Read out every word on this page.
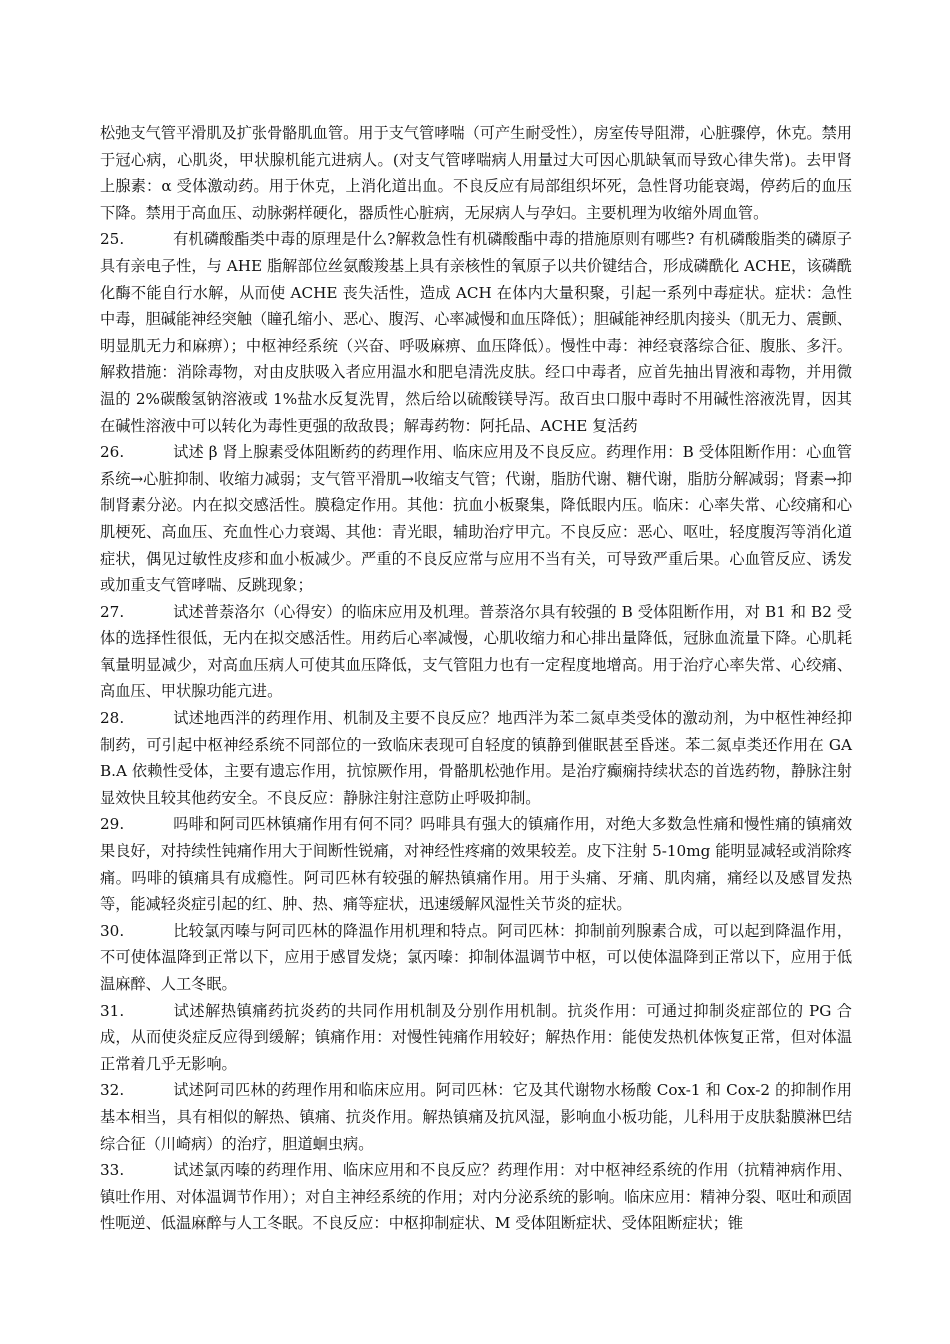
松弛支气管平滑肌及扩张骨骼肌血管。用于支气管哮喘（可产生耐受性），房室传导阻滞，心脏骤停，休克。禁用于冠心病，心肌炎，甲状腺机能亢进病人。(对支气管哮喘病人用量过大可因心肌缺氧而导致心律失常)。去甲肾上腺素：α 受体激动药。用于休克，上消化道出血。不良反应有局部组织坏死，急性肾功能衰竭，停药后的血压下降。禁用于高血压、动脉粥样硬化，器质性心脏病，无尿病人与孕妇。主要机理为收缩外周血管。

25.	有机磷酸酯类中毒的原理是什么?解救急性有机磷酸酯中毒的措施原则有哪些? 有机磷酸脂类的磷原子具有亲电子性，与 AHE 脂解部位丝氨酸羧基上具有亲核性的氧原子以共价键结合，形成磷酰化 ACHE，该磷酰化酶不能自行水解，从而使 ACHE 丧失活性，造成 ACH 在体内大量积聚，引起一系列中毒症状。症状：急性中毒，胆碱能神经突触（瞳孔缩小、恶心、腹泻、心率减慢和血压降低）；胆碱能神经肌肉接头（肌无力、震颤、明显肌无力和麻痹）；中枢神经系统（兴奋、呼吸麻痹、血压降低）。慢性中毒：神经衰落综合征、腹胀、多汗。解救措施：消除毒物，对由皮肤吸入者应用温水和肥皂清洗皮肤。经口中毒者，应首先抽出胃液和毒物，并用微温的 2%碳酸氢钠溶液或 1%盐水反复洗胃，然后给以硫酸镁导泻。敌百虫口服中毒时不用碱性溶液洗胃，因其在碱性溶液中可以转化为毒性更强的敌敌畏；解毒药物：阿托品、ACHE 复活药

26.	试述 β 肾上腺素受体阻断药的药理作用、临床应用及不良反应。药理作用：B 受体阻断作用：心血管系统→心脏抑制、收缩力减弱；支气管平滑肌→收缩支气管；代谢，脂肪代谢、糖代谢，脂肪分解减弱；肾素→抑制肾素分泌。内在拟交感活性。膜稳定作用。其他：抗血小板聚集，降低眼内压。临床：心率失常、心绞痛和心肌梗死、高血压、充血性心力衰竭、其他：青光眼，辅助治疗甲亢。不良反应：恶心、呕吐，轻度腹泻等消化道症状，偶见过敏性皮疹和血小板减少。严重的不良反应常与应用不当有关，可导致严重后果。心血管反应、诱发或加重支气管哮喘、反跳现象；

27.	试述普萘洛尔（心得安）的临床应用及机理。普萘洛尔具有较强的 B 受体阻断作用，对 B1 和 B2 受体的选择性很低，无内在拟交感活性。用药后心率减慢，心肌收缩力和心排出量降低，冠脉血流量下降。心肌耗氧量明显减少，对高血压病人可使其血压降低，支气管阻力也有一定程度地增高。用于治疗心率失常、心绞痛、高血压、甲状腺功能亢进。

28.	试述地西泮的药理作用、机制及主要不良反应？地西泮为苯二氮卓类受体的激动剂，为中枢性神经抑制药，可引起中枢神经系统不同部位的一致临床表现可自轻度的镇静到催眠甚至昏迷。苯二氮卓类还作用在 GAB.A 依赖性受体，主要有遗忘作用，抗惊厥作用，骨骼肌松弛作用。是治疗癫痫持续状态的首选药物，静脉注射显效快且较其他药安全。不良反应：静脉注射注意防止呼吸抑制。

29.	吗啡和阿司匹林镇痛作用有何不同？吗啡具有强大的镇痛作用，对绝大多数急性痛和慢性痛的镇痛效果良好，对持续性钝痛作用大于间断性锐痛，对神经性疼痛的效果较差。皮下注射 5-10mg 能明显减轻或消除疼痛。吗啡的镇痛具有成瘾性。阿司匹林有较强的解热镇痛作用。用于头痛、牙痛、肌肉痛，痛经以及感冒发热等，能减轻炎症引起的红、肿、热、痛等症状，迅速缓解风湿性关节炎的症状。

30.	比较氯丙嗪与阿司匹林的降温作用机理和特点。阿司匹林：抑制前列腺素合成，可以起到降温作用，不可使体温降到正常以下，应用于感冒发烧；氯丙嗪：抑制体温调节中枢，可以使体温降到正常以下，应用于低温麻醉、人工冬眠。

31.	试述解热镇痛药抗炎药的共同作用机制及分别作用机制。抗炎作用：可通过抑制炎症部位的 PG 合成，从而使炎症反应得到缓解；镇痛作用：对慢性钝痛作用较好；解热作用：能使发热机体恢复正常，但对体温正常着几乎无影响。

32.	试述阿司匹林的药理作用和临床应用。阿司匹林：它及其代谢物水杨酸 Cox-1 和 Cox-2 的抑制作用基本相当，具有相似的解热、镇痛、抗炎作用。解热镇痛及抗风湿，影响血小板功能，儿科用于皮肤黏膜淋巴结综合征（川崎病）的治疗，胆道蛔虫病。

33.	试述氯丙嗪的药理作用、临床应用和不良反应？药理作用：对中枢神经系统的作用（抗精神病作用、镇吐作用、对体温调节作用）；对自主神经系统的作用；对内分泌系统的影响。临床应用：精神分裂、呕吐和顽固性呃逆、低温麻醉与人工冬眠。不良反应：中枢抑制症状、M 受体阻断症状、受体阻断症状；锥
